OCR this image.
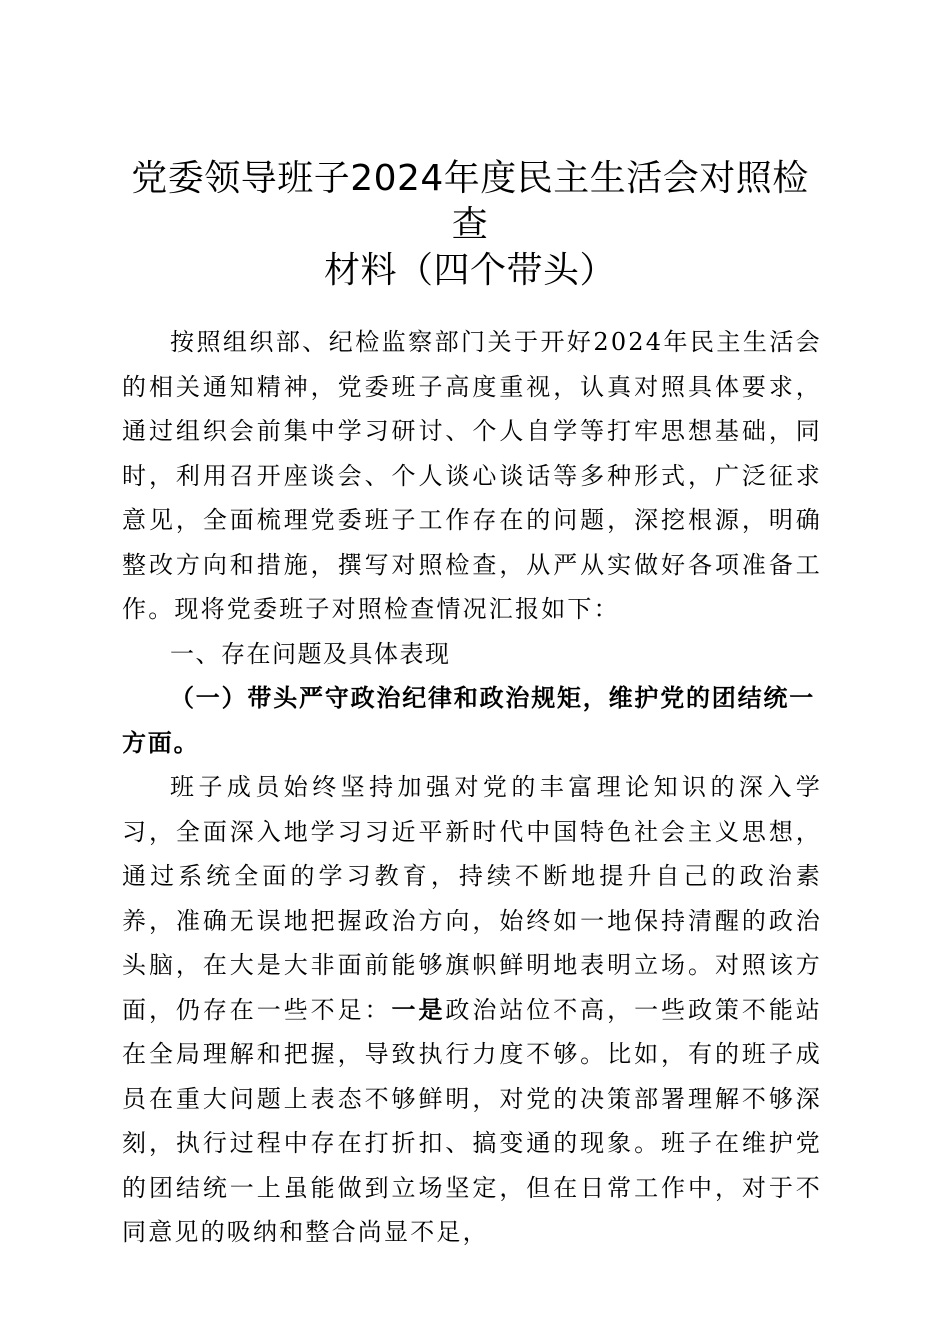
党委领导班子2024年度民主生活会对照检查
材料（四个带头）

按照组织部、纪检监察部门关于开好2024年民主生活会的相关通知精神，党委班子高度重视，认真对照具体要求，通过组织会前集中学习研讨、个人自学等打牢思想基础，同时，利用召开座谈会、个人谈心谈话等多种形式，广泛征求意见，全面梳理党委班子工作存在的问题，深挖根源，明确整改方向和措施，撰写对照检查，从严从实做好各项准备工作。现将党委班子对照检查情况汇报如下：

一、存在问题及具体表现

（一）带头严守政治纪律和政治规矩，维护党的团结统一方面。

班子成员始终坚持加强对党的丰富理论知识的深入学习，全面深入地学习习近平新时代中国特色社会主义思想，通过系统全面的学习教育，持续不断地提升自己的政治素养，准确无误地把握政治方向，始终如一地保持清醒的政治头脑，在大是大非面前能够旗帜鲜明地表明立场。对照该方面，仍存在一些不足：一是政治站位不高，一些政策不能站在全局理解和把握，导致执行力度不够。比如，有的班子成员在重大问题上表态不够鲜明，对党的决策部署理解不够深刻，执行过程中存在打折扣、搞变通的现象。班子在维护党的团结统一上虽能做到立场坚定，但在日常工作中，对于不同意见的吸纳和整合尚显不足，
